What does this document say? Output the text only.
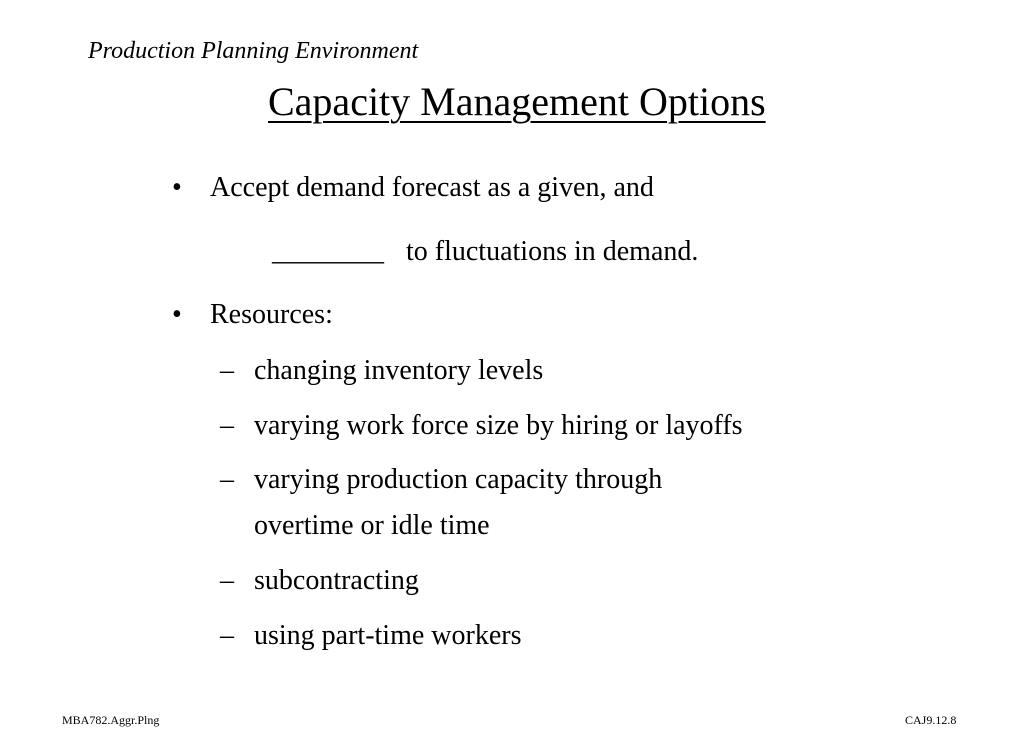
Production Planning Environment
Capacity Management Options
• Accept demand forecast as a given, and
________ to fluctuations in demand.
• Resources:
– changing inventory levels
– varying work force size by hiring or layoffs
– varying production capacity through
overtime or idle time
– subcontracting
– using part-time workers
MBA782.Aggr.Plng	CAJ9.12.8
